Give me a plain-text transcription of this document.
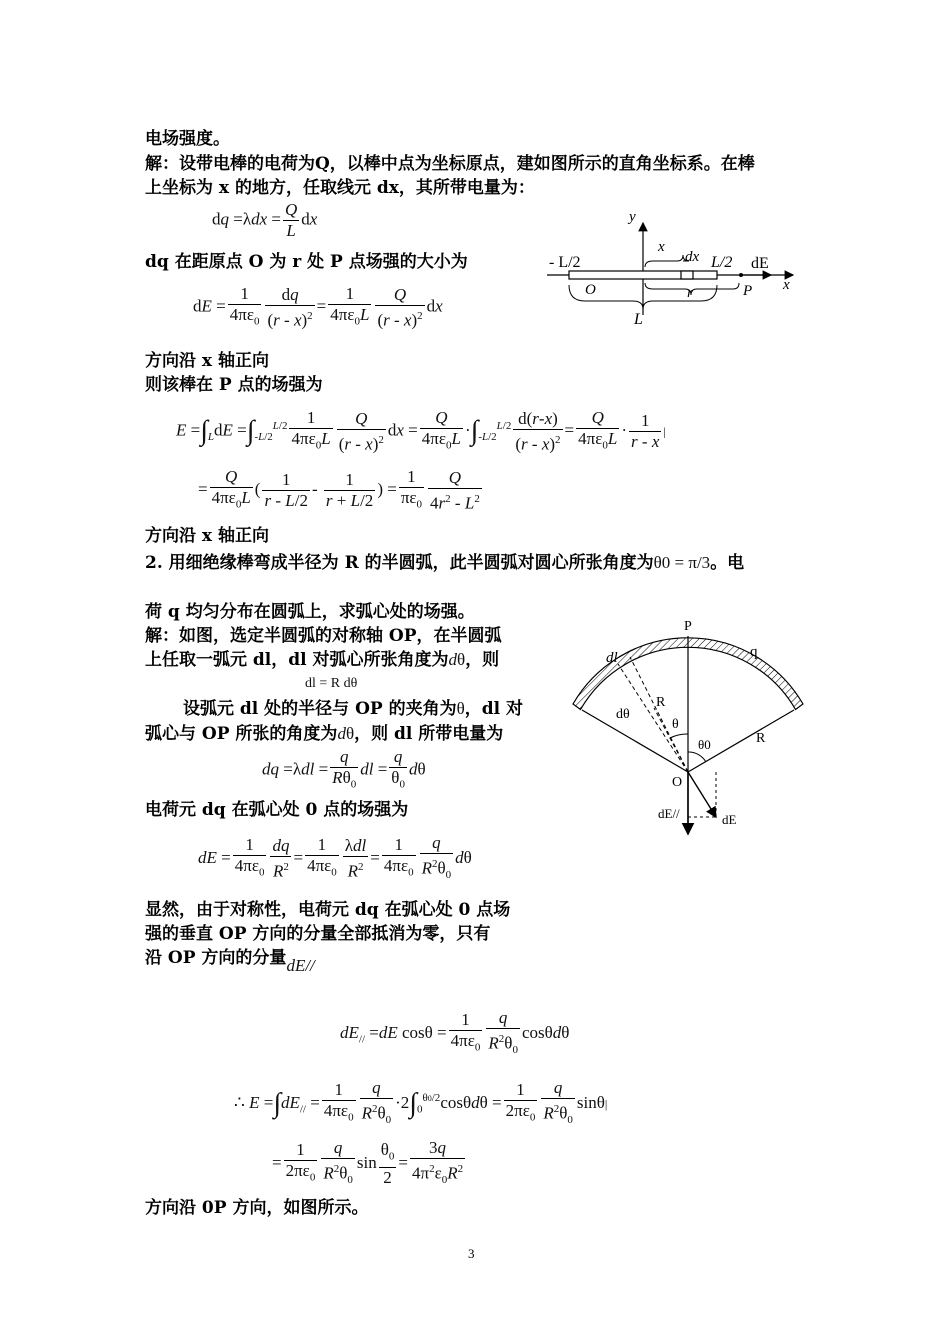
电场强度。
解：设带电棒的电荷为Q，以棒中点为坐标原点，建如图所示的直角坐标系。在棒
上坐标为 x 的地方，任取线元 dx，其所带电量为：
dq $=\lambda dx = \frac{Q}{L}$ dx
dq 在距原点 O 为 r 处 P 点场强的大小为
dE = $\frac{1}{4\pi\varepsilon_0} \frac{dq}{(r - x)^2} = \frac{1}{4\pi\varepsilon_0L} \frac{Q}{(r - x)^2}$ dx
方向沿 x 轴正向
则该棒在 P 点的场强为
$E =\int_LdE =\int_{-L/2}^{L/2} \frac{1}{4\pi\varepsilon_0L} \frac{Q}{(r - x)^2}$ dx = $\frac{Q}{4\pi\varepsilon_0L} \cdot\int_{-L/2}^{L/2} \frac{d(r-x)}{(r - x)^2} = \frac{Q}{4\pi\varepsilon_0L} \cdot \frac{1}{r - x}$ |
= $\frac{Q}{4\pi\varepsilon_0L}$ ( $\frac{1}{r - L/2} - \frac{1}{r + L/2}$ ) = $\frac{1}{\pi\varepsilon_0} \frac{Q}{4r^2 - L^2}$
方向沿 x 轴正向
2. 用细绝缘棒弯成半径为 R 的半圆弧，此半圆弧对圆心所张角度为θ0 = π/3。电
荷 q 均匀分布在圆弧上，求弧心处的场强。
解：如图，选定半圆弧的对称轴 OP，在半圆弧
上任取一弧元 dl，dl 对弧心所张角度为dθ，则
dl = R dθ
设弧元 dl 处的半径与 OP 的夹角为θ，dl 对
弧心与 OP 所张的角度为dθ，则 dl 所带电量为
dq $=\lambda dl = \frac{q}{R\theta_0}$ dl = $\frac{q}{\theta_0}$ dθ
电荷元 dq 在弧心处 0 点的场强为
dE = $\frac{1}{4\pi\varepsilon_0} \frac{dq}{R^2} = \frac{1}{4\pi\varepsilon_0} \frac{\text{λdl}}{R^2} = \frac{1}{4\pi\varepsilon_0} \frac{q}{R^2\theta_0}$ dθ
显然，由于对称性，电荷元 dq 在弧心处 0 点场
强的垂直 OP 方向的分量全部抵消为零，只有
沿 OP 方向的分量dE//
$dE_{//} =dE$ $\cos\theta = \frac{1}{4\pi\varepsilon_0} \frac{q}{R^2\theta_0}$ cosθdθ
∴ $E =\int dE_{//} = \frac{1}{4\pi\varepsilon_0} \frac{q}{R^2\theta_0} \cdot 2\int_0^{\theta 0/2}\cos\theta d\theta = \frac{1}{2\pi\varepsilon_0} \frac{q}{R^2\theta_0} \sin\theta|$
= $\frac{1}{2\pi\varepsilon_0} \frac{q}{R^2\theta_0}$ $\sin \frac{\theta_0}{2} = \frac{3q}{4\pi^2\varepsilon_0R^2}$
方向沿 0P 方向，如图所示。
3
y
x
dx
- L/2	L/2 dE
O	r	P x
L
P
q
dl
R
dθ
θ
θ0	R
O
dE//	dE
